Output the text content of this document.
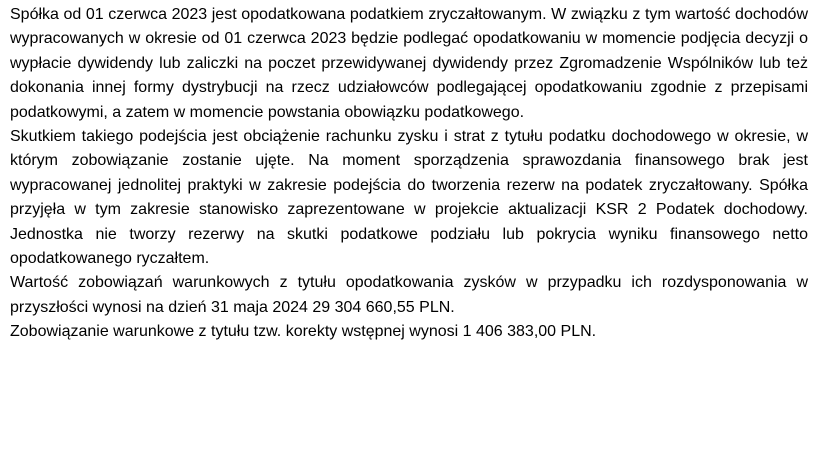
Spółka od 01 czerwca 2023 jest opodatkowana podatkiem zryczałtowanym. W związku z tym wartość dochodów wypracowanych w okresie od 01 czerwca 2023 będzie podlegać opodatkowaniu w momencie podjęcia decyzji o wypłacie dywidendy lub zaliczki na poczet przewidywanej dywidendy przez Zgromadzenie Wspólników lub też dokonania innej formy dystrybucji na rzecz udziałowców podlegającej opodatkowaniu zgodnie z przepisami podatkowymi, a zatem w momencie powstania obowiązku podatkowego.

Skutkiem takiego podejścia jest obciążenie rachunku zysku i strat z tytułu podatku dochodowego w okresie, w którym zobowiązanie zostanie ujęte. Na moment sporządzenia sprawozdania finansowego brak jest wypracowanej jednolitej praktyki w zakresie podejścia do tworzenia rezerw na podatek zryczałtowany. Spółka przyjęła w tym zakresie stanowisko zaprezentowane w projekcie aktualizacji KSR 2 Podatek dochodowy. Jednostka nie tworzy rezerwy na skutki podatkowe podziału lub pokrycia wyniku finansowego netto opodatkowanego ryczałtem.

Wartość zobowiązań warunkowych z tytułu opodatkowania zysków w przypadku ich rozdysponowania w przyszłości wynosi na dzień 31 maja 2024 29 304 660,55 PLN.

Zobowiązanie warunkowe z tytułu tzw. korekty wstępnej wynosi 1 406 383,00 PLN.
